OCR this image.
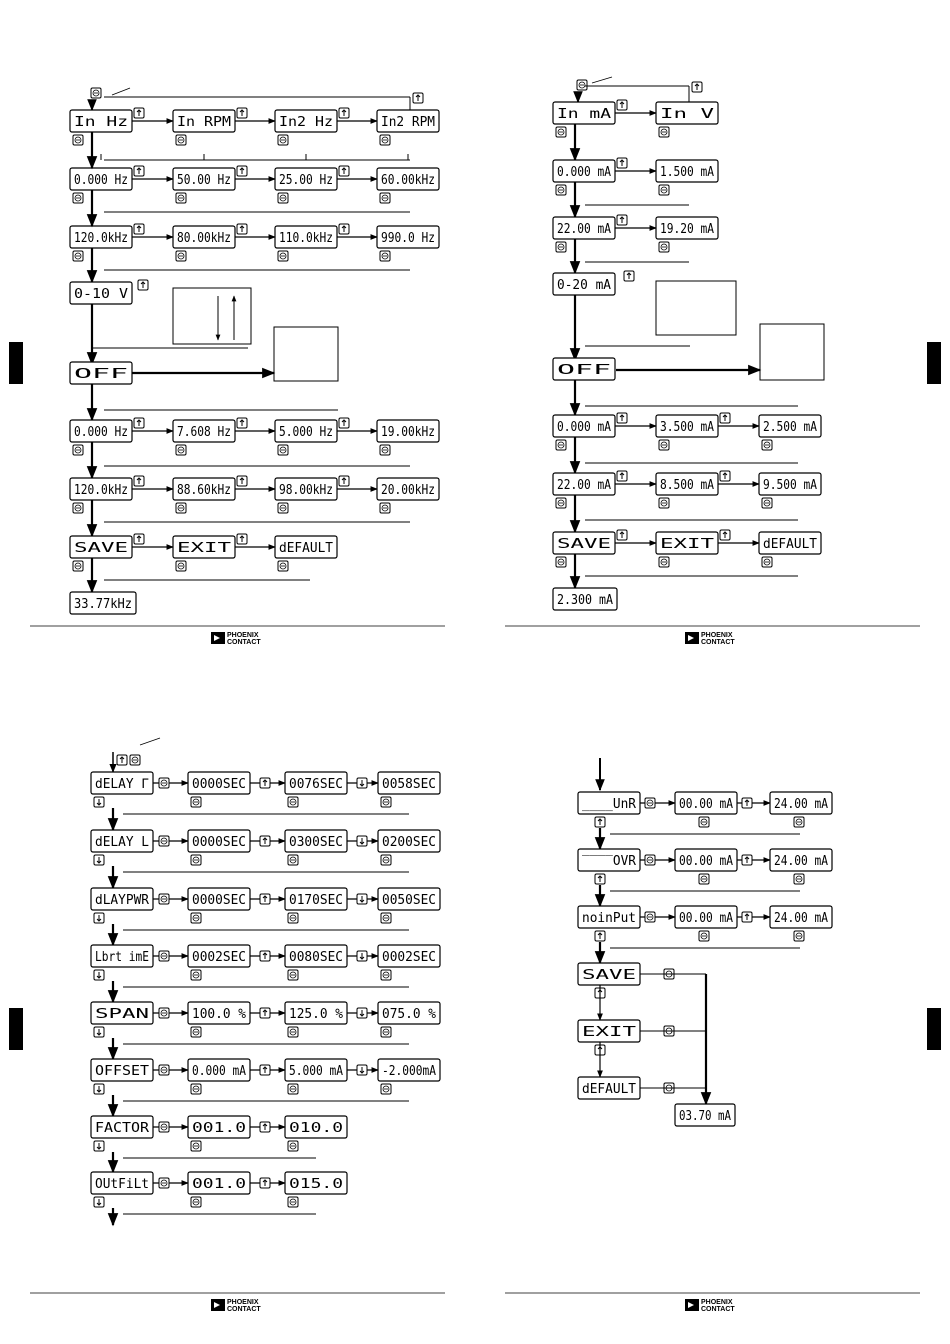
In Hz	In RPM	In2 Hz	In2 RPM
0.000 Hz	50.00 Hz	25.00 Hz	60.00kHz
120.0kHz	80.00kHz	110.0kHz	990.0 Hz
0-10 V
OFF
0.000 Hz	7.608 Hz	5.000 Hz	19.00kHz
120.0kHz	88.60kHz	98.00kHz	20.00kHz
SAVE	EXIT	dEFAULT
33.77kHz
In mA	In V
0.000 mA	1.500 mA
22.00 mA	19.20 mA
0-20 mA
OFF
0.000 mA	3.500 mA	2.500 mA
22.00 mA	8.500 mA	9.500 mA
SAVE	EXIT	dEFAULT
2.300 mA
dELAY Γ	0000SEC	0076SEC	0058SEC
dELAY L	0000SEC	0300SEC	0200SEC
dLAYPWR	0000SEC	0170SEC	0050SEC
Lbrt imE	0002SEC	0080SEC	0002SEC
SPAN	100.0 %	125.0 %	075.0 %
OFFSET	0.000 mA	5.000 mA	-2.000mA
FACTOR	001.0	010.0
OUtFiLt	001.0	015.0
____UnR	00.00 mA	24.00 mA
‾‾‾‾OVR	00.00 mA	24.00 mA
noinPut	00.00 mA	24.00 mA
SAVE
EXIT
dEFAULT
03.70 mA
PHOENIX
CONTACT
PHOENIX
CONTACT
PHOENIX
CONTACT
PHOENIX
CONTACT
